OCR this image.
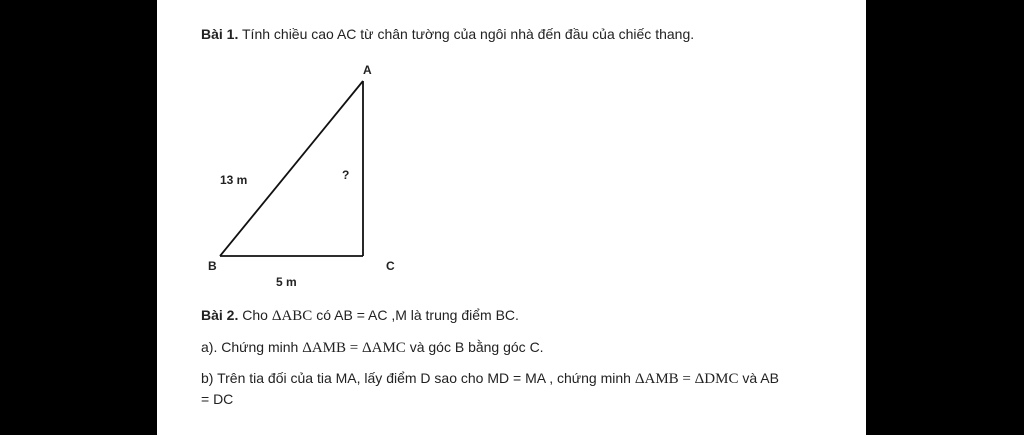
Bài 1. Tính chiều cao AC từ chân tường của ngôi nhà đến đầu của chiếc thang.
A
B	C
13 m
5 m
?
Bài 2. Cho ΔABC có AB = AC ,M là trung điểm BC.
a). Chứng minh ΔAMB = ΔAMC và góc B bằng góc C.
b) Trên tia đối của tia MA, lấy điểm D sao cho MD = MA , chứng minh ΔAMB = ΔDMC và AB
= DC
